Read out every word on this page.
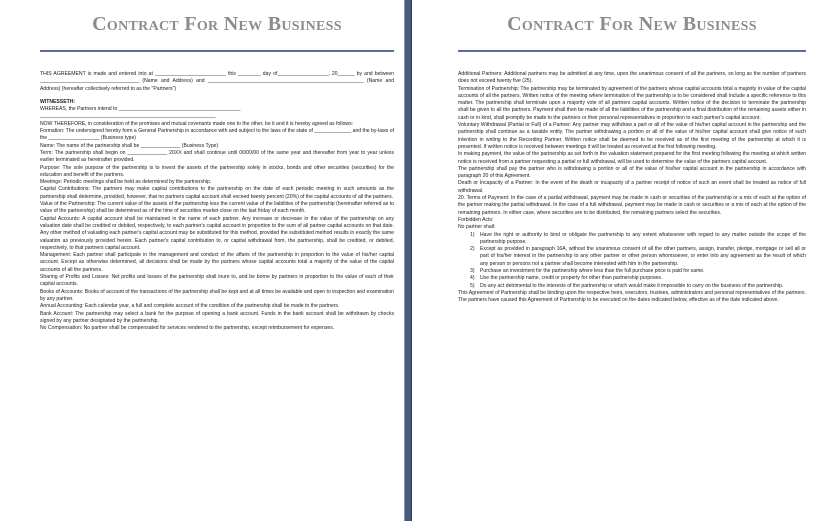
Contract For New Business
THIS AGREEMENT is made and entered into at _________________________ this ________ day of__________________, 20______ by and between ___________________________________ (Name and Address) and _______________________________________________________ (Name and Address) (hereafter collectively referred to as the "Partners")
WITNESSETH:
WHEREAS, the Partners intend to ___________________________________________
______________________________________________________________
NOW THEREFORE, in consideration of the promises and mutual covenants made one to the other, be it and it is hereby agreed as follows:
Formation: The undersigned hereby form a General Partnership in accordance with and subject to the laws of the state of _____________ and the by-laws of the __________________ (Business type)
Name: The name of the partnership shall be ______________ (Business Type)
Term: The partnership shall begin on ______________ 20XX and shall continue until 00/00/00 of the same year and thereafter from year to year unless earlier terminated as hereinafter provided.
Purpose: The sole purpose of the partnership is to invest the assets of the partnership solely in stocks, bonds and other securities (securities) for the education and benefit of the partners.
Meetings: Periodic meetings shall be held as determined by the partnership.
Capital Contributions: The partners may make capital contributions to the partnership on the date of each periodic meeting in such amounts as the partnership shall determine, provided, however, that no partners capital account shall exceed twenty percent (20%) of the capital accounts of all the partners.
Value of the Partnership: The current value of the assets of the partnership less the current value of the liabilities of the partnership (hereinafter referred as to value of the partnership) shall be determined as of the time of securities market close on the last friday of each month.
Capital Accounts: A capital account shall be maintained in the name of each partner. Any increase or decrease in the value of the partnership on any valuation date shall be credited or debited, respectively, to each partner's capital account in proportion to the sum of all partner capital accounts on that date. Any other method of valuating each partner's capital account may be substituted for this method, provided the substituted method results in exactly the same valuation as previously provided herein. Each partner's capital contribution to, or capital withdrawal from, the partnership, shall be credited, or debited, respectively, to that partners capital account.
Management: Each partner shall participate in the management and conduct of the affairs of the partnership in proportion to the value of his/her capital account. Except as otherwise determined, all decisions shall be made by the partners whose capital accounts total a majority of the value of the capital accounts of all the partners.
Sharing of Profits and Losses: Net profits and losses of the partnership shall inure to, and be borne by partners in proportion to the value of each of their capital accounts.
Books of Accounts: Books of account of the transactions of the partnership shall be kept and at all times be available and open to inspection and examination by any partner.
Annual Accounting: Each calendar year, a full and complete account of the condition of the partnership shall be made to the partners.
Bank Account: The partnership may select a bank for the purpose of opening a bank account. Funds in the bank account shall be withdrawn by checks signed by any partner designated by the partnership.
No Compensation: No partner shall be compensated for services rendered to the partnership, except reimbursement for expenses.
Contract For New Business
Additional Partners: Additional partners may be admitted at any time, upon the unanimous consent of all the partners, so long as the number of partners does not exceed twenty five (25).
Termination of Partnership: The partnership may be terminated by agreement of the partners whose capital accounts total a majority in value of the capital accounts of all the partners. Written notice of the meeting where termination of the partnership is to be considered shall include a specific reference to this matter. The partnership shall terminate upon a majority vote of all partners capital accounts. Written notice of the decision to terminate the partnership shall be given to all the partners. Payment shall then be made of all the liabilities of the partnership and a final distribution of the remaining assets either in cash or in kind, shall promptly be made to the partners or their personal representatives in proportion to each partner's capital account.
Voluntary Withdrawal (Partial or Full) of a Partner: Any partner may withdraw a part or all of the value of his/her capital account in the partnership and the partnership shall continue as a taxable entity. The partner withdrawing a portion or all of the value of his/her capital account shall give notice of such intention in writing to the Recording Partner. Written notice shall be deemed to be received as of the first meeting of the partnership at which it is presented. If written notice is received between meetings it will be treated as received at the first following meeting.
In making payment, the value of the partnership as set forth in the valuation statement prepared for the first meeting following the meeting at which written notice is received from a partner requesting a partial or full withdrawal, will be used to determine the value of the partners capital account.
The partnership shall pay the partner who is withdrawing a portion or all of the value of his/her capital account in the partnership in accordance with paragraph 20 of this Agreement.
Death or Incapacity of a Partner: In the event of the death or incapacity of a partner receipt of notice of such an event shall be treated as notice of full withdrawal.
20. Terms of Payment: In the case of a partial withdrawal, payment may be made in cash or securities of the partnership or a mix of each at the option of the partner making the partial withdrawal. In the case of a full withdrawal, payment may be made in cash or securities or a mix of each at the option of the remaining partners. In either case, where securities are to be distributed, the remaining partners select the securities.
Forbidden Acts:
No partner shall:
1) Have the right or authority to bind or obligate the partnership to any extent whatsoever with regard to any matter outside the scope of the partnership purpose.
2) Except as provided in paragraph 16A, without the unanimous consent of all the other partners, assign, transfer, pledge, mortgage or sell all or part of his/her interest in the partnership to any other partner or other person whomsoever, or enter into any agreement as the result of which any person or persons not a partner shall become interested with him in the partnership.
3) Purchase an investment for the partnership where less than the full purchase price is paid for same.
4) Use the partnership name, credit or property for other than partnership purposes.
5) Do any act detrimental to the interests of the partnership or which would make it impossible to carry on the business of the partnership.
This Agreement of Partnership shall be binding upon the respective heirs, executors, trustees, administrators and personal representatives of the partners. The partners have caused this Agreement of Partnership to be executed on the dates indicated below, effective as of the date indicated above.
